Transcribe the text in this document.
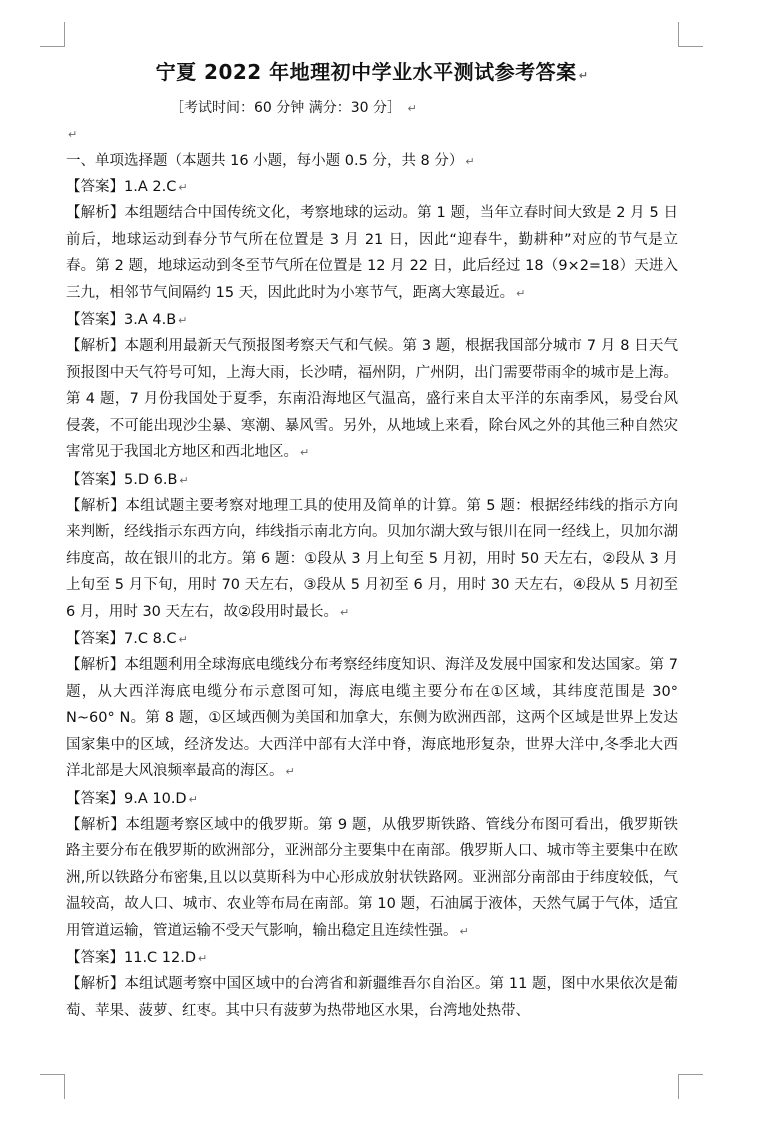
宁夏 2022 年地理初中学业水平测试参考答案 ↵
［考试时间：60 分钟 满分：30 分］ ↵
↵
一、单项选择题（本题共 16 小题，每小题 0.5 分，共 8 分） ↵
【答案】1.A 2.C ↵
【解析】本组题结合中国传统文化，考察地球的运动。第 1 题，当年立春时间大致是 2 月 5 日前后，地球运动到春分节气所在位置是 3 月 21 日，因此“迎春牛，勤耕种”对应的节气是立春。第 2 题，地球运动到冬至节气所在位置是 12 月 22 日，此后经过 18（9×2=18）天进入三九，相邻节气间隔约 15 天，因此此时为小寒节气，距离大寒最近。 ↵
【答案】3.A 4.B ↵
【解析】本题利用最新天气预报图考察天气和气候。第 3 题，根据我国部分城市 7 月 8 日天气预报图中天气符号可知，上海大雨，长沙晴，福州阴，广州阴，出门需要带雨伞的城市是上海。第 4 题，7 月份我国处于夏季，东南沿海地区气温高，盛行来自太平洋的东南季风，易受台风侵袭，不可能出现沙尘暴、寒潮、暴风雪。另外，从地域上来看，除台风之外的其他三种自然灾害常见于我国北方地区和西北地区。 ↵
【答案】5.D 6.B ↵
【解析】本组试题主要考察对地理工具的使用及简单的计算。第 5 题：根据经纬线的指示方向来判断，经线指示东西方向，纬线指示南北方向。贝加尔湖大致与银川在同一经线上，贝加尔湖纬度高，故在银川的北方。第 6 题：①段从 3 月上旬至 5 月初，用时 50 天左右，②段从 3 月上旬至 5 月下旬，用时 70 天左右，③段从 5 月初至 6 月，用时 30 天左右，④段从 5 月初至 6 月，用时 30 天左右，故②段用时最长。 ↵
【答案】7.C 8.C ↵
【解析】本组题利用全球海底电缆线分布考察经纬度知识、海洋及发展中国家和发达国家。第 7 题，从大西洋海底电缆分布示意图可知，海底电缆主要分布在①区域，其纬度范围是 30° N~60° N。第 8 题，①区域西侧为美国和加拿大，东侧为欧洲西部，这两个区域是世界上发达国家集中的区域，经济发达。大西洋中部有大洋中脊，海底地形复杂，世界大洋中,冬季北大西洋北部是大风浪频率最高的海区。 ↵
【答案】9.A 10.D ↵
【解析】本组题考察区域中的俄罗斯。第 9 题，从俄罗斯铁路、管线分布图可看出，俄罗斯铁路主要分布在俄罗斯的欧洲部分，亚洲部分主要集中在南部。俄罗斯人口、城市等主要集中在欧洲,所以铁路分布密集,且以以莫斯科为中心形成放射状铁路网。亚洲部分南部由于纬度较低，气温较高，故人口、城市、农业等布局在南部。第 10 题，石油属于液体，天然气属于气体，适宜用管道运输，管道运输不受天气影响，输出稳定且连续性强。 ↵
【答案】11.C 12.D ↵
【解析】本组试题考察中国区域中的台湾省和新疆维吾尔自治区。第 11 题，图中水果依次是葡萄、苹果、菠萝、红枣。其中只有菠萝为热带地区水果，台湾地处热带、
